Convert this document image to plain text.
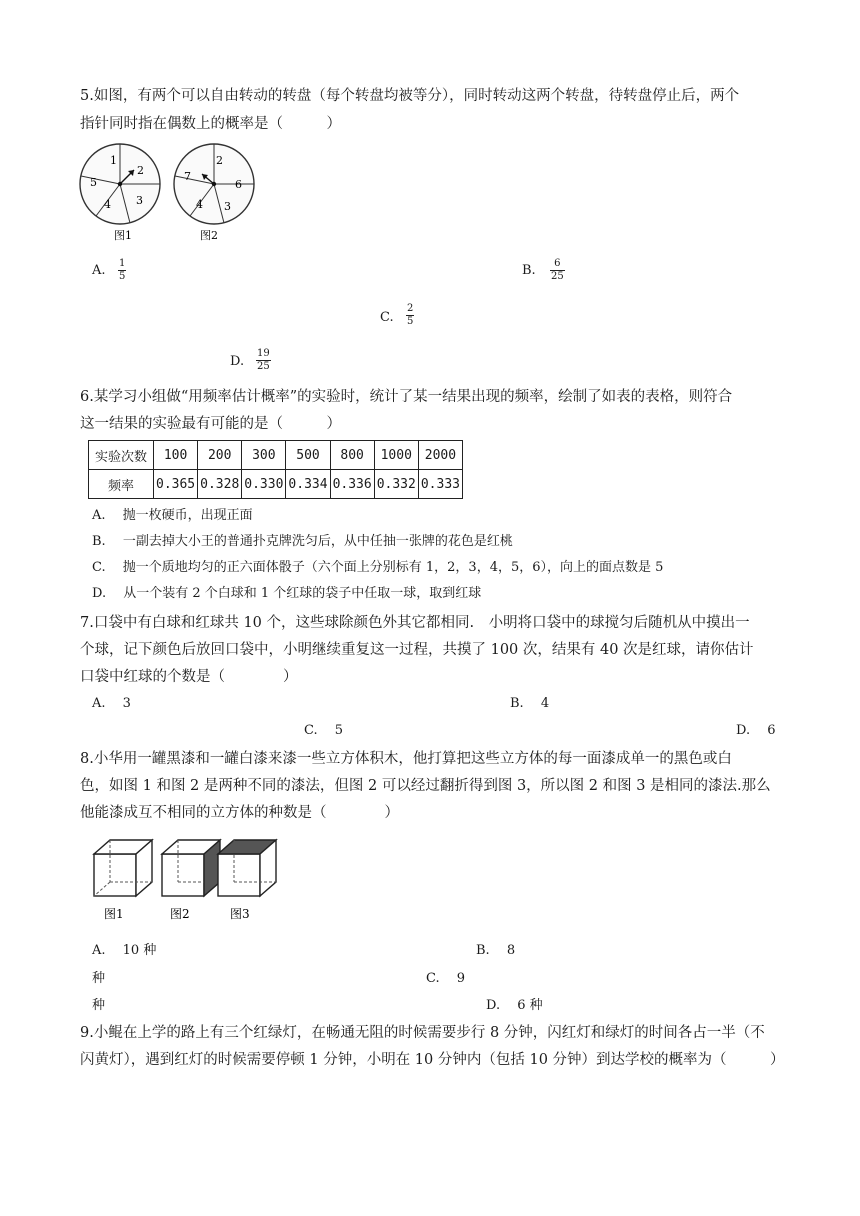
5.如图，有两个可以自由转动的转盘（每个转盘均被等分），同时转动这两个转盘，待转盘停止后，两个
指针同时指在偶数上的概率是（　　　）
1
2
3
4
5
图1
2
6
3
4
7
图2
A. $\frac{1}{5}$	B. $\frac{6}{25}$
C. $\frac{2}{5}$
D. $\frac{19}{25}$
6.某学习小组做“用频率估计概率”的实验时，统计了某一结果出现的频率，绘制了如表的表格，则符合
这一结果的实验最有可能的是（　　　）
实验次数	100	200	300	500	800	1000	2000
频率	0.365	0.328	0.330	0.334	0.336	0.332	0.333
A.　 抛一枚硬币，出现正面
B.　 一副去掉大小王的普通扑克牌洗匀后，从中任抽一张牌的花色是红桃
C.　 抛一个质地均匀的正六面体骰子（六个面上分别标有 1，2，3，4，5，6），向上的面点数是 5
D.　 从一个装有 2 个白球和 1 个红球的袋子中任取一球，取到红球
7.口袋中有白球和红球共 10 个，这些球除颜色外其它都相同.　小明将口袋中的球搅匀后随机从中摸出一
个球，记下颜色后放回口袋中，小明继续重复这一过程，共摸了 100 次，结果有 40 次是红球，请你估计
口袋中红球的个数是（　　　　）
A.　 3	B.　 4
C.　 5	D.　 6
8.小华用一罐黑漆和一罐白漆来漆一些立方体积木，他打算把这些立方体的每一面漆成单一的黑色或白
色，如图 1 和图 2 是两种不同的漆法，但图 2 可以经过翻折得到图 3，所以图 2 和图 3 是相同的漆法.那么
他能漆成互不相同的立方体的种数是（　　　　）
图1	图2	图3
A.　 10 种	B.　 8
种	C.　 9
种	D.　 6 种
9.小鲲在上学的路上有三个红绿灯，在畅通无阻的时候需要步行 8 分钟，闪红灯和绿灯的时间各占一半（不
闪黄灯），遇到红灯的时候需要停顿 1 分钟，小明在 10 分钟内（包括 10 分钟）到达学校的概率为（　　　）
